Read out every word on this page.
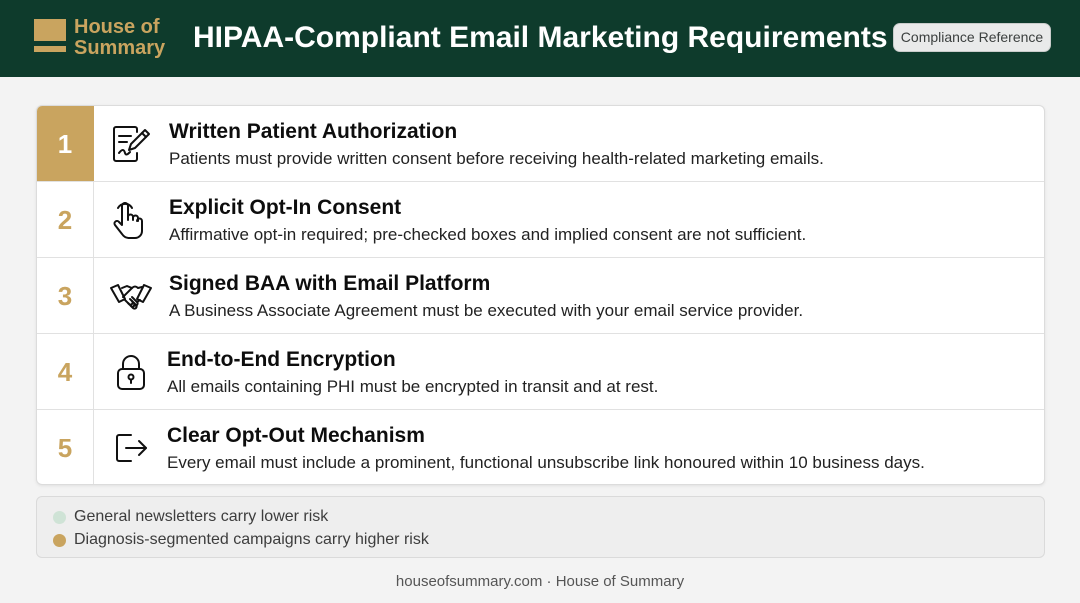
House of
Summary HIPAA-Compliant Email Marketing Requirements Compliance Reference
1	Written Patient Authorization
Patients must provide written consent before receiving health-related marketing emails.
2	Explicit Opt-In Consent
Affirmative opt-in required; pre-checked boxes and implied consent are not sufficient.
3	Signed BAA with Email Platform
A Business Associate Agreement must be executed with your email service provider.
4	End-to-End Encryption
All emails containing PHI must be encrypted in transit and at rest.
5	Clear Opt-Out Mechanism
Every email must include a prominent, functional unsubscribe link honoured within 10 business days.
General newsletters carry lower risk
Diagnosis-segmented campaigns carry higher risk
houseofsummary.com · House of Summary
